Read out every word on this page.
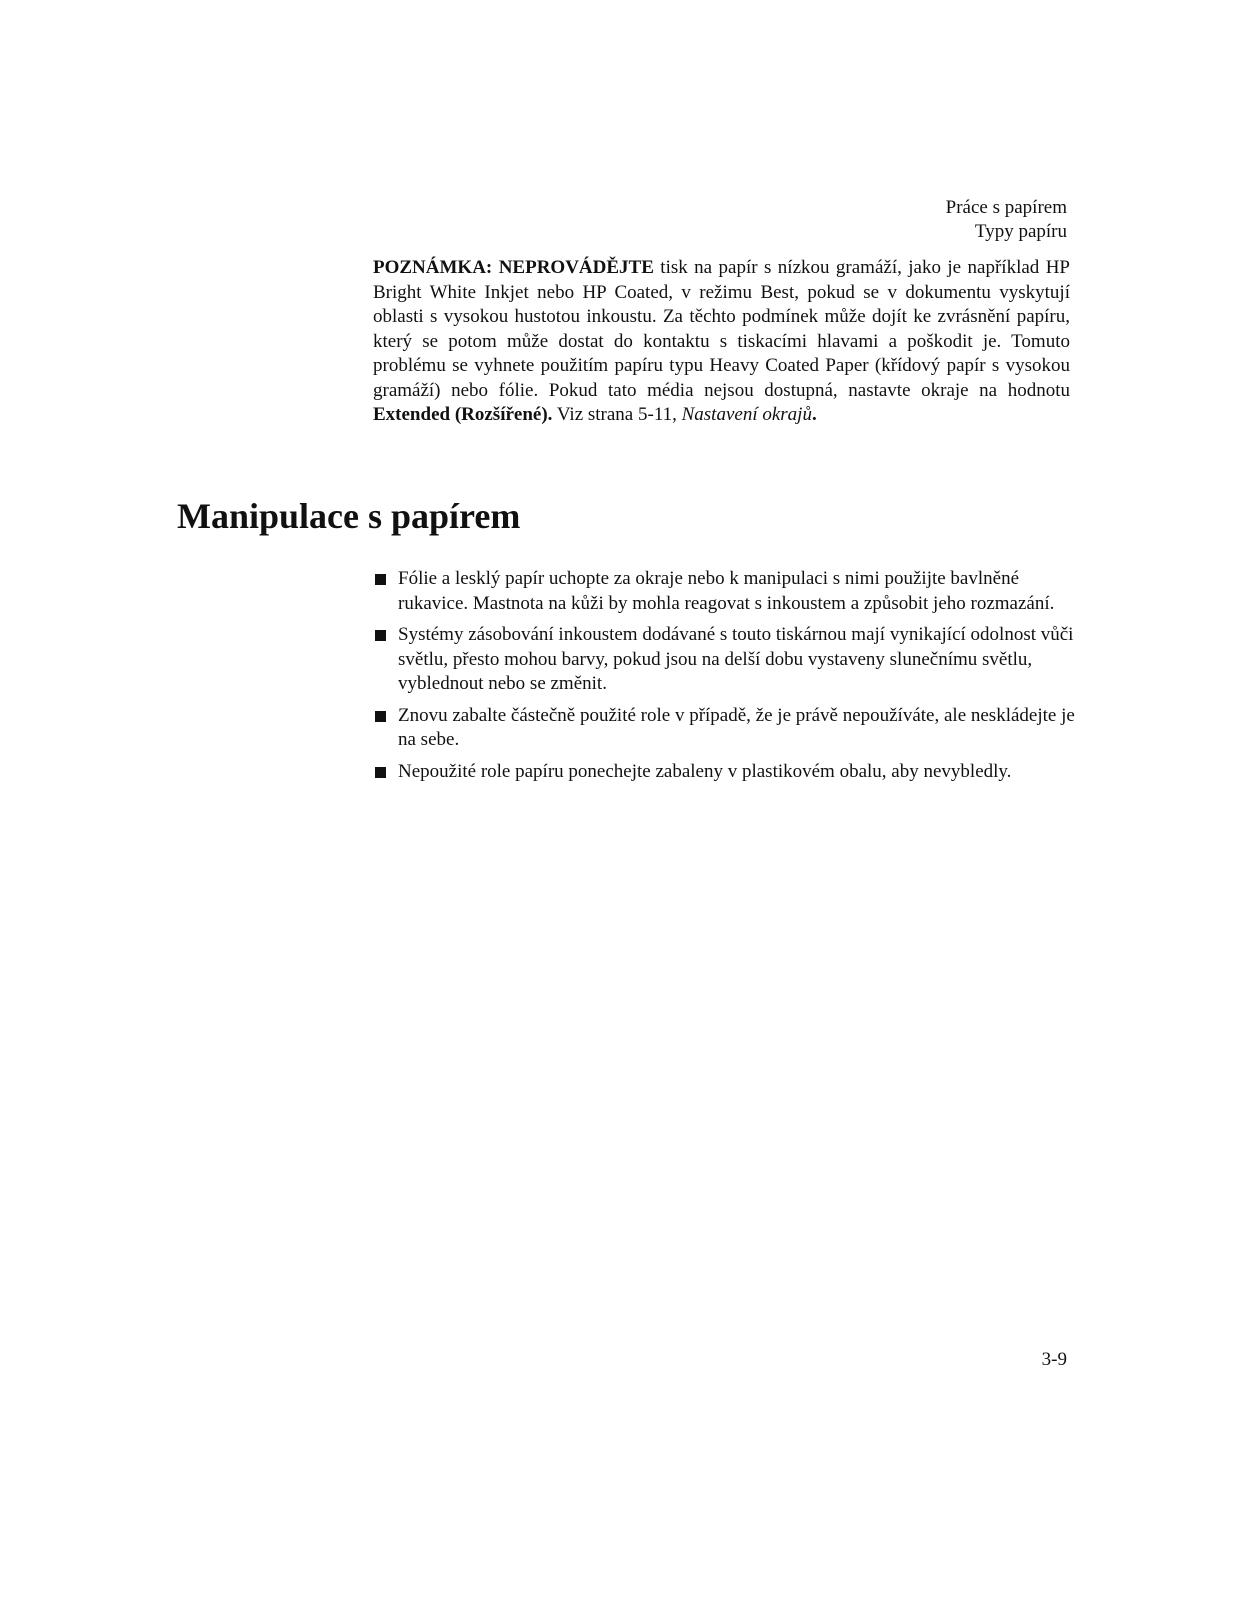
Práce s papírem
Typy papíru

POZNÁMKA: NEPROVÁDĚJTE tisk na papír s nízkou gramáží, jako je například HP Bright White Inkjet nebo HP Coated, v režimu Best, pokud se v dokumentu vyskytují oblasti s vysokou hustotou inkoustu. Za těchto podmínek může dojít ke zvrásnění papíru, který se potom může dostat do kontaktu s tiskacími hlavami a poškodit je. Tomuto problému se vyhnete použitím papíru typu Heavy Coated Paper (křídový papír s vysokou gramáží) nebo fólie. Pokud tato média nejsou dostupná, nastavte okraje na hodnotu Extended (Rozšířené). Viz strana 5-11, Nastavení okrajů.

Manipulace s papírem
Fólie a lesklý papír uchopte za okraje nebo k manipulaci s nimi použijte bavlněné rukavice. Mastnota na kůži by mohla reagovat s inkoustem a způsobit jeho rozmazání.
Systémy zásobování inkoustem dodávané s touto tiskárnou mají vynikající odolnost vůči světlu, přesto mohou barvy, pokud jsou na delší dobu vystaveny slunečnímu světlu, vyblednout nebo se změnit.
Znovu zabalte částečně použité role v případě, že je právě nepoužíváte, ale neskládejte je na sebe.
Nepoužité role papíru ponechejte zabaleny v plastikovém obalu, aby nevybledly.
3-9
